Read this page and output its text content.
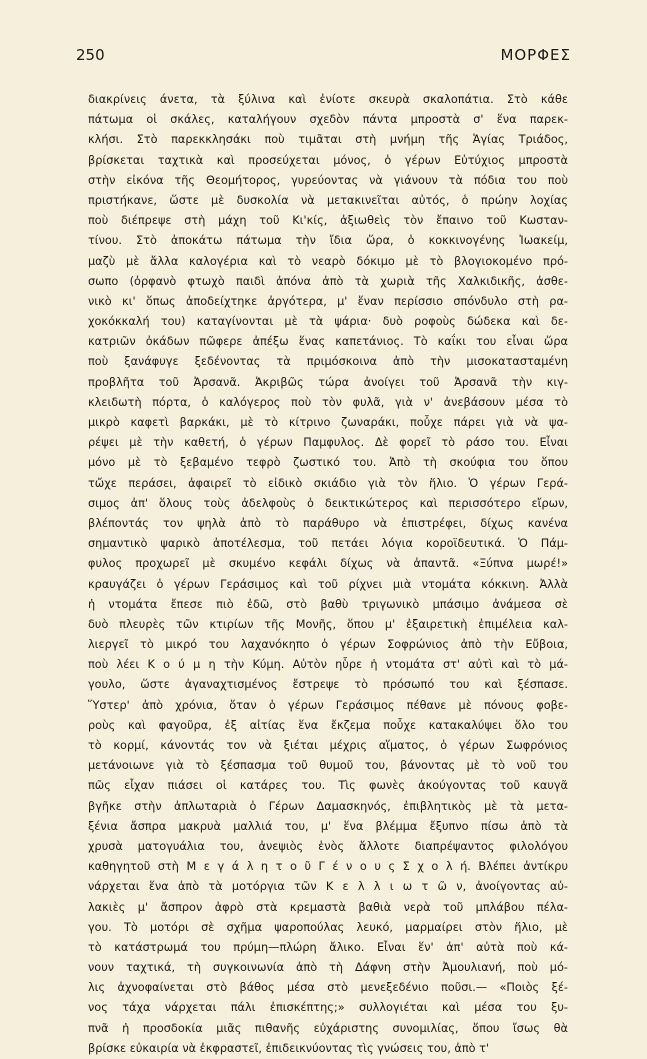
250	ΜΟΡΦΕΣ
διακρίνεις άνετα, τὰ ξύλινα καὶ ἐνίοτε σκευρὰ σκαλοπάτια. Στὸ κάθε
πάτωμα οἱ σκάλες, καταλήγουν σχεδὸν πάντα μπροστὰ σ' ἕνα παρεκ-
κλήσι. Στὸ παρεκκλησάκι ποὺ τιμᾶται στὴ μνήμη τῆς Ἁγίας Τριάδος,
βρίσκεται ταχτικὰ καὶ προσεύχεται μόνος, ὁ γέρων Εὐτύχιος μπροστὰ
στὴν εἰκόνα τῆς Θεομήτορος, γυρεύοντας νὰ γιάνουν τὰ πόδια του ποὺ
πριστήκανε, ὥστε μὲ δυσκολία νὰ μετακινεῖται αὐτός, ὁ πρώην λοχίας
ποὺ διέπρεψε στὴ μάχη τοῦ Κι'κίς, ἀξιωθεὶς τὸν ἔπαινο τοῦ Κωσταν-
τίνου. Στὸ ἀποκάτω πάτωμα τὴν ἴδια ὥρα, ὁ κοκκινογένης Ἰωακείμ,
μαζὺ μὲ ἄλλα καλογέρια καὶ τὸ νεαρὸ δόκιμο μὲ τὸ βλογιοκομένο πρό-
σωπο (ὀρφανὸ φτωχὸ παιδὶ ἀπόνα ἀπὸ τὰ χωριὰ τῆς Χαλκιδικῆς, ἀσθε-
νικὸ κι' ὅπως ἀποδείχτηκε ἀργότερα, μ' ἕναν περίσσιο σπόνδυλο στὴ ρα-
χοκόκκαλή του) καταγίνονται μὲ τὰ ψάρια· δυὸ ροφοὺς δώδεκα καὶ δε-
κατριῶν ὀκάδων πῶφερε ἀπέξω ἕνας καπετάνιος. Τὸ καΐκι του εἶναι ὥρα
ποὺ ξανάφυγε ξεδένοντας τὰ πριμόσκοινα ἀπὸ τὴν μισοκατασταμένη
προβλῆτα τοῦ Ἀρσανᾶ. Ἀκριβῶς τώρα ἀνοίγει τοῦ Ἀρσανᾶ τὴν κιγ-
κλειδωτὴ πόρτα, ὁ καλόγερος ποὺ τὸν φυλᾶ, γιὰ ν' ἀνεβάσουν μέσα τὸ
μικρὸ καφετὶ βαρκάκι, μὲ τὸ κίτρινο ζωναράκι, ποὖχε πάρει γιὰ νὰ ψα-
ρέψει μὲ τὴν καθετή, ὁ γέρων Παμφυλος. Δὲ φορεῖ τὸ ράσο του. Εἶναι
μόνο μὲ τὸ ξεβαμένο τεφρὸ ζωστικό του. Ἀπὸ τὴ σκούφια του ὅπου
τὤχε περάσει, ἀφαιρεῖ τὸ εἰδικὸ σκιάδιο γιὰ τὸν ἥλιο. Ὁ γέρων Γερά-
σιμος ἀπ' ὅλους τοὺς ἀδελφοὺς ὁ δεικτικώτερος καὶ περισσότερο εἴρων,
βλέποντάς τον ψηλὰ ἀπὸ τὸ παράθυρο νὰ ἐπιστρέφει, δίχως κανένα
σημαντικὸ ψαρικὸ ἀποτέλεσμα, τοῦ πετάει λόγια κοροϊδευτικά. Ὁ Πάμ-
φυλος προχωρεῖ μὲ σκυμένο κεφάλι δίχως νὰ ἀπαντᾶ. «Ξύπνα μωρέ!»
κραυγάζει ὁ γέρων Γεράσιμος καὶ τοῦ ρίχνει μιὰ ντομάτα κόκκινη. Ἀλλὰ
ἡ ντομάτα ἔπεσε πιὸ ἐδῶ, στὸ βαθὺ τριγωνικὸ μπάσιμο ἀνάμεσα σὲ
δυὸ πλευρὲς τῶν κτιρίων τῆς Μονῆς, ὅπου μ' ἐξαιρετικὴ ἐπιμέλεια καλ-
λιεργεῖ τὸ μικρό του λαχανόκηπο ὁ γέρων Σοφρώνιος ἀπὸ τὴν Εὔβοια,
ποὺ λέει Κ ο ύ μ η τὴν Κύμη. Αὐτὸν ηὗρε ἡ ντομάτα στ' αὐτὶ καὶ τὸ μά-
γουλο, ὥστε ἀγαναχτισμένος ἔστρεψε τὸ πρόσωπό του καὶ ξέσπασε.
Ὕστερ' ἀπὸ χρόνια, ὅταν ὁ γέρων Γεράσιμος πέθανε μὲ πόνους φοβε-
ροὺς καὶ φαγοῦρα, ἐξ αἰτίας ἕνα ἔκζεμα ποὖχε κατακαλύψει ὅλο του
τὸ κορμί, κάνοντάς τον νὰ ξιέται μέχρις αἵματος, ὁ γέρων Σωφρόνιος
μετάνοιωνε γιὰ τὸ ξέσπασμα τοῦ θυμοῦ του, βάνοντας μὲ τὸ νοῦ του
πῶς εἶχαν πιάσει οἱ κατάρες του. Τὶς φωνὲς ἀκούγοντας τοῦ καυγᾶ
βγῆκε στὴν ἀπλωταριὰ ὁ Γέρων Δαμασκηνός, ἐπιβλητικὸς μὲ τὰ μετα-
ξένια ἄσπρα μακρυὰ μαλλιά του, μ' ἕνα βλέμμα ἔξυπνο πίσω ἀπὸ τὰ
χρυσὰ ματογυάλια του, ἀνεψιὸς ἑνὸς ἄλλοτε διαπρέψαντος φιλολόγου
καθηγητοῦ στὴ Μ ε γ ά λ η τ ο ῦ Γ έ ν ο υ ς Σ χ ο λ ή. Βλέπει ἀντίκρυ
νάρχεται ἕνα ἀπὸ τὰ μοτόργια τῶν Κ ε λ λ ι ω τ ῶ ν, ἀνοίγοντας αὐ-
λακιὲς μ' ἄσπρον ἀφρὸ στὰ κρεμαστὰ βαθιὰ νερὰ τοῦ μπλάβου πέλα-
γου. Τὸ μοτόρι σὲ σχῆμα ψαροπούλας λευκό, μαρμαίρει στὸν ἥλιο, μὲ
τὸ κατάστρωμά του πρύμη—πλώρη ἄλικο. Εἶναι ἕν' ἀπ' αὐτὰ ποὺ κά-
νουν ταχτικά, τὴ συγκοινωνία ἀπὸ τὴ Δάφνη στὴν Ἀμουλιανή, ποὺ μό-
λις ἀχνοφαίνεται στὸ βάθος μέσα στὸ μενεξεδένιο ποῦσι.— «Ποιὸς ξέ-
νος τάχα νάρχεται πάλι ἐπισκέπτης;» συλλογιέται καὶ μέσα του ξυ-
πνᾶ ἡ προσδοκία μιᾶς πιθανῆς εὐχάριστης συνομιλίας, ὅπου ἴσως θὰ
βρίσκε εὐκαιρία νὰ ἐκφραστεῖ, ἐπιδεικνύοντας τὶς γνώσεις του, ἀπὸ τ'
